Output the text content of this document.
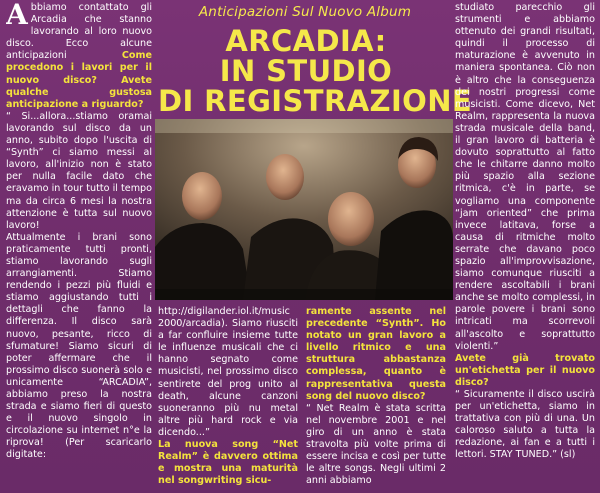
Abbiamo contattato gli Arcadia che stanno lavorando al loro nuovo disco. Ecco alcune anticipazioni	Come procedono i lavori per il nuovo disco? Avete qualche gustosa anticipazione a riguardo?

“ Si...allora...stiamo oramai lavorando sul disco da un anno, subito dopo l'uscita di “Synth” ci siamo messi al lavoro, all'inizio non è stato per nulla facile dato che eravamo in tour tutto il tempo ma da circa 6 mesi la nostra attenzione è tutta sul nuovo lavoro!

Attualmente i brani sono praticamente tutti pronti, stiamo lavorando sugli arrangiamenti. Stiamo rendendo i pezzi più fluidi e stiamo aggiustando tutti i dettagli che fanno la differenza. Il disco sarà nuovo, pesante, ricco di sfumature! Siamo sicuri di poter affermare che il prossimo disco suonerà solo e unicamente “ARCADIA”, abbiamo preso la nostra strada e siamo fieri di questo e il nuovo singolo in circolazione su internet n°e la riprova! (Per scaricarlo digitate:

Anticipazioni Sul Nuovo Album
ARCADIA:
IN STUDIO
DI REGISTRAZIONE

http://digilander.iol.it/music 2000/arcadia). Siamo riusciti a far confluire insieme tutte le influenze musicali che ci hanno segnato come musicisti, nel prossimo disco sentirete del prog unito al death, alcune canzoni suoneranno più nu metal altre più hard rock e via dicendo...”

La nuova song “Net Realm” è davvero ottima e mostra una maturità nel songwriting sicu-

ramente assente nel precedente “Synth”. Ho notato un gran lavoro a livello ritmico e una struttura abbastanza complessa, quanto è rappresentativa questa song del nuovo disco?

“ Net Realm è stata scritta nel novembre 2001 e nel giro di un anno è stata stravolta più volte prima di essere incisa e così per tutte le altre songs. Negli ultimi 2 anni abbiamo

studiato parecchio gli strumenti e abbiamo ottenuto dei grandi risultati, quindi il processo di maturazione è avvenuto in maniera spontanea. Ciò non è altro che la conseguenza dei nostri progressi come musicisti. Come dicevo, Net Realm, rappresenta la nuova strada musicale della band, il gran lavoro di batteria è dovuto soprattutto al fatto che le chitarre danno molto più spazio alla sezione ritmica, c'è in parte, se vogliamo una componente “jam oriented” che prima invece latitava, forse a causa di ritmiche molto serrate che davano poco spazio all'improvvisazione, siamo comunque riusciti a rendere ascoltabili i brani anche se molto complessi, in parole povere i brani sono intricati ma scorrevoli all'ascolto e soprattutto violenti.”

Avete già trovato un'etichetta per il nuovo disco?

“ Sicuramente il disco uscirà per un'etichetta, siamo in trattativa con più di una. Un caloroso saluto a tutta la redazione, ai fan e a tutti i lettori. STAY TUNED.” (sl)
